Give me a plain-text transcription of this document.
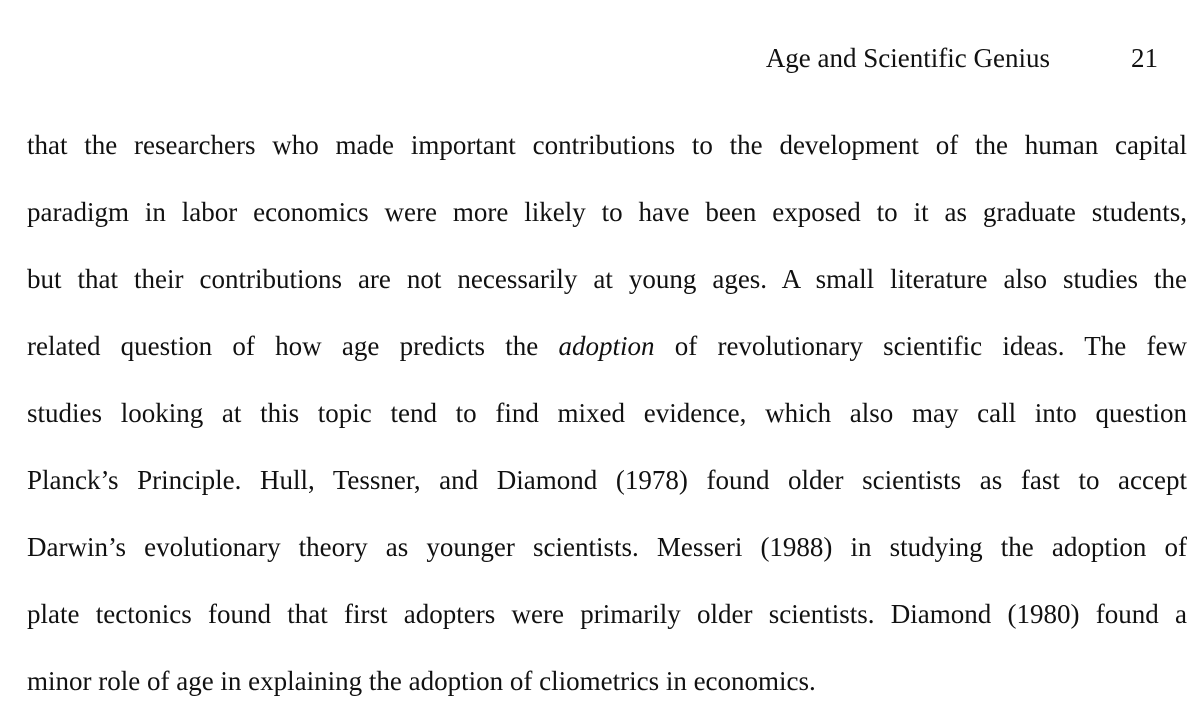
Age and Scientific Genius	21
that the researchers who made important contributions to the development of the human capital
paradigm in labor economics were more likely to have been exposed to it as graduate students,
but that their contributions are not necessarily at young ages. A small literature also studies the
related question of how age predicts the adoption of revolutionary scientific ideas. The few
studies looking at this topic tend to find mixed evidence, which also may call into question
Planck’s Principle. Hull, Tessner, and Diamond (1978) found older scientists as fast to accept
Darwin’s evolutionary theory as younger scientists. Messeri (1988) in studying the adoption of
plate tectonics found that first adopters were primarily older scientists. Diamond (1980) found a
minor role of age in explaining the adoption of cliometrics in economics.
